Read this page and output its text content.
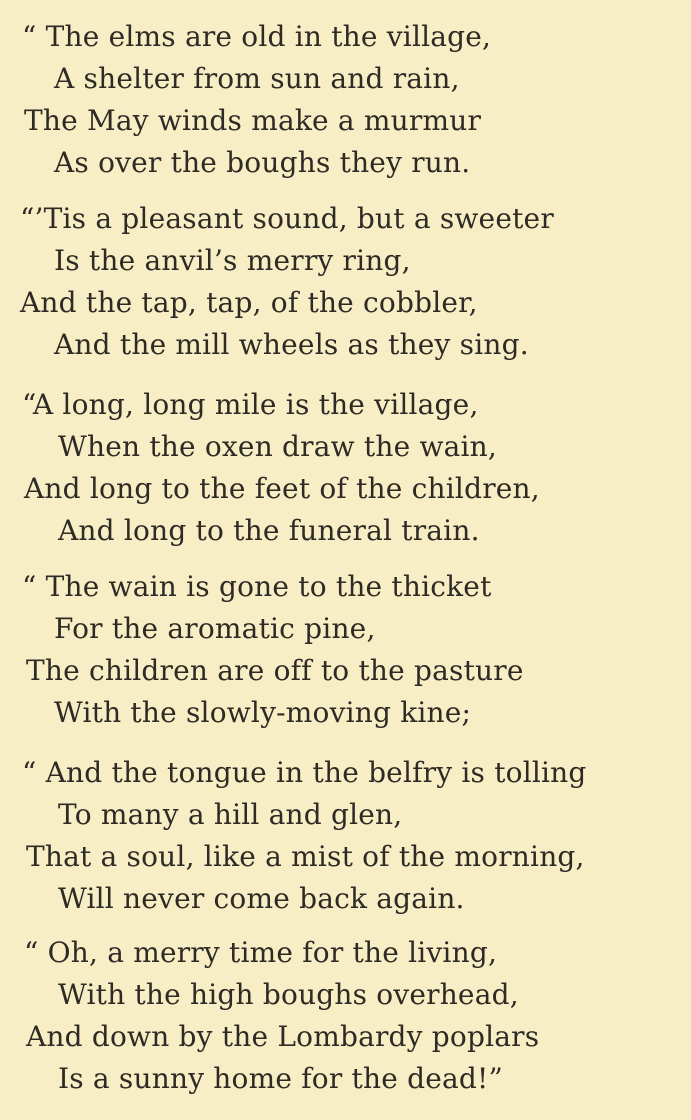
“ The elms are old in the village,
A shelter from sun and rain,
The May winds make a murmur
As over the boughs they run.
“’Tis a pleasant sound, but a sweeter
Is the anvil’s merry ring,
And the tap, tap, of the cobbler,
And the mill wheels as they sing.
“A long, long mile is the village,
When the oxen draw the wain,
And long to the feet of the children,
And long to the funeral train.
“ The wain is gone to the thicket
For the aromatic pine,
The children are off to the pasture
With the slowly-moving kine;
“ And the tongue in the belfry is tolling
To many a hill and glen,
That a soul, like a mist of the morning,
Will never come back again.
“ Oh, a merry time for the living,
With the high boughs overhead,
And down by the Lombardy poplars
Is a sunny home for the dead!”
